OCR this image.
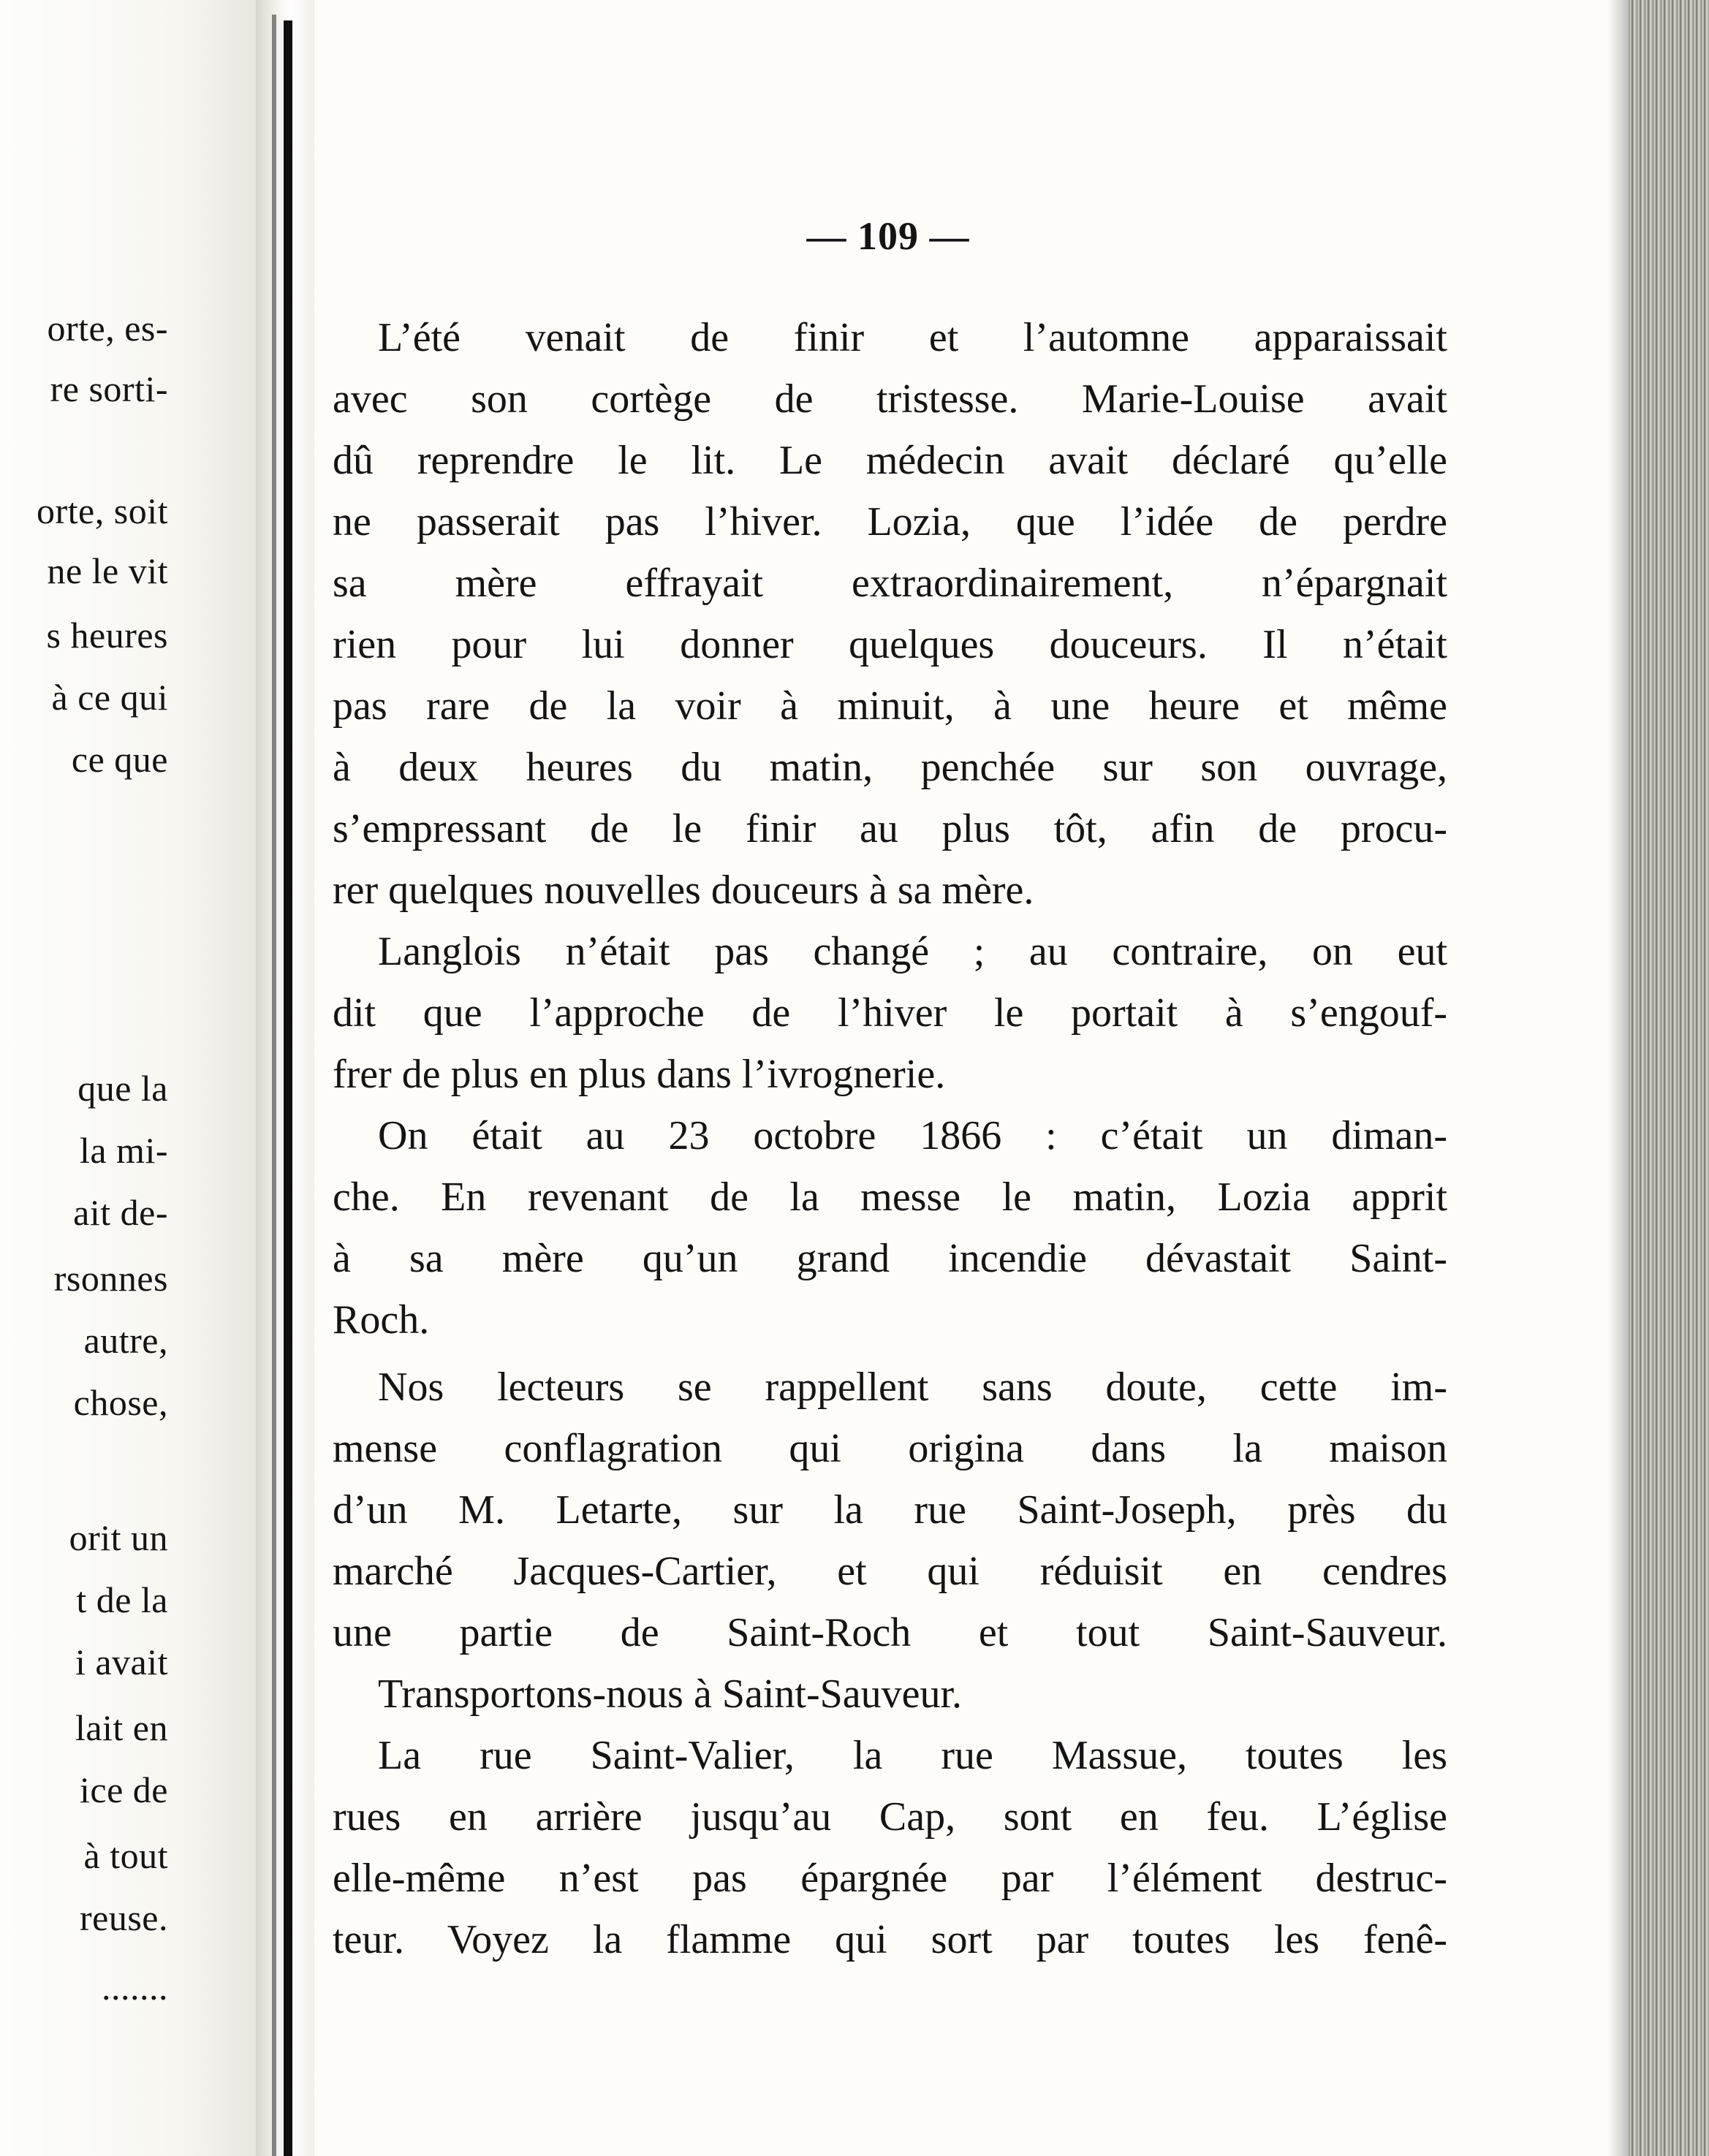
orte, es-
re sorti-
orte, soit
ne le vit
s heures
à ce qui
ce que
que la
la mi-
ait de-
rsonnes
autre,
chose,
orit un
t de la
i avait
lait en
ice de
à tout
reuse.
.......
— 109 —
L’été venait de finir et l’automne apparaissait
avec son cortège de tristesse. Marie-Louise avait
dû reprendre le lit. Le médecin avait déclaré qu’elle
ne passerait pas l’hiver. Lozia, que l’idée de perdre
sa mère effrayait extraordinairement, n’épargnait
rien pour lui donner quelques douceurs. Il n’était
pas rare de la voir à minuit, à une heure et même
à deux heures du matin, penchée sur son ouvrage,
s’empressant de le finir au plus tôt, afin de procu-
rer quelques nouvelles douceurs à sa mère.
Langlois n’était pas changé ; au contraire, on eut
dit que l’approche de l’hiver le portait à s’engouf-
frer de plus en plus dans l’ivrognerie.
On était au 23 octobre 1866 : c’était un diman-
che. En revenant de la messe le matin, Lozia apprit
à sa mère qu’un grand incendie dévastait Saint-
Roch.
Nos lecteurs se rappellent sans doute, cette im-
mense conflagration qui origina dans la maison
d’un M. Letarte, sur la rue Saint-Joseph, près du
marché Jacques-Cartier, et qui réduisit en cendres
une partie de Saint-Roch et tout Saint-Sauveur.
Transportons-nous à Saint-Sauveur.
La rue Saint-Valier, la rue Massue, toutes les
rues en arrière jusqu’au Cap, sont en feu. L’église
elle-même n’est pas épargnée par l’élément destruc-
teur. Voyez la flamme qui sort par toutes les fenê-
